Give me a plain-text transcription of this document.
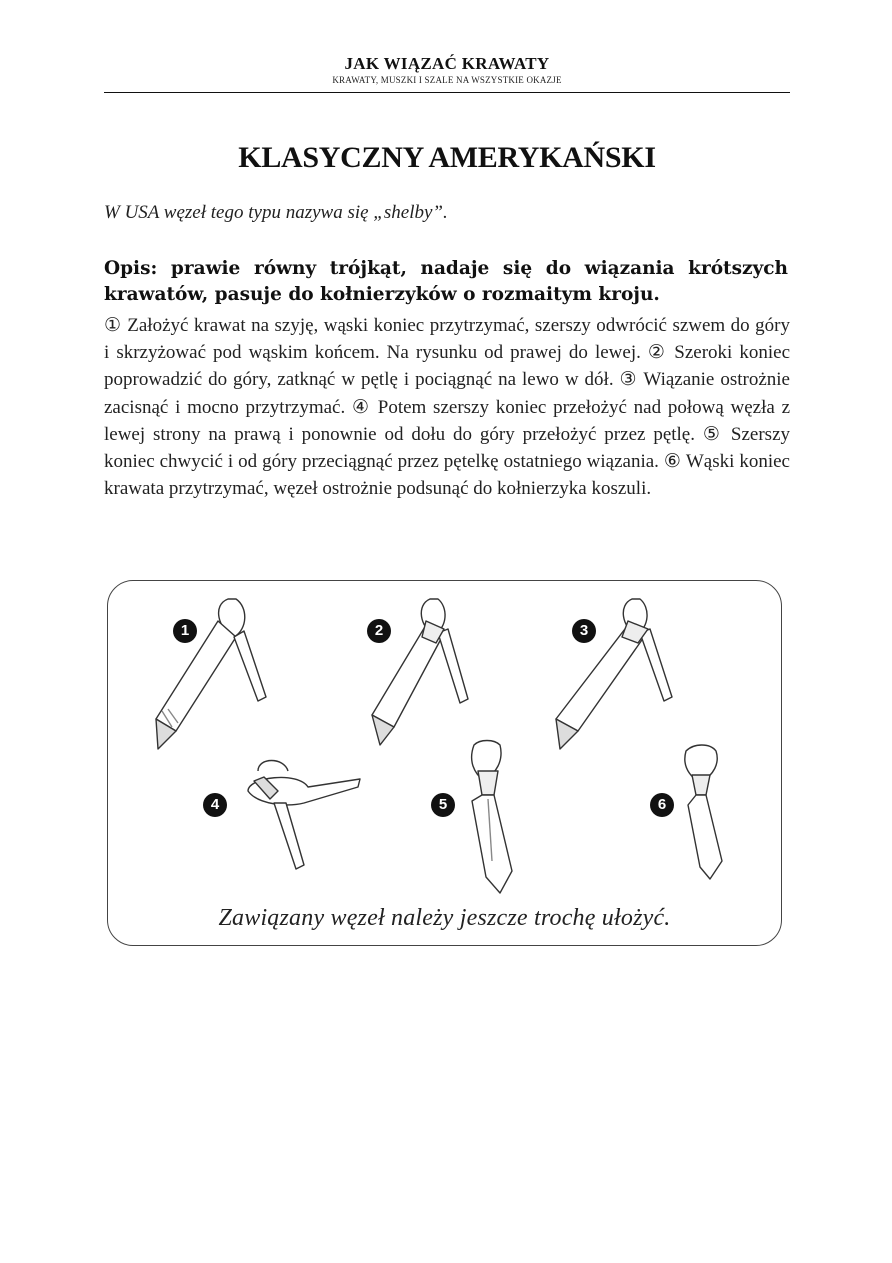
JAK WIĄZAĆ KRAWATY
KRAWATY, MUSZKI I SZALE NA WSZYSTKIE OKAZJE
KLASYCZNY AMERYKAŃSKI
W USA węzeł tego typu nazywa się „shelby”.
Opis: prawie równy trójkąt, nadaje się do wiązania krótszych krawatów, pasuje do kołnierzyków o rozmaitym kroju.
① Założyć krawat na szyję, wąski koniec przytrzymać, szerszy odwrócić szwem do góry i skrzyżować pod wąskim końcem. Na rysunku od prawej do lewej. ② Szeroki koniec poprowadzić do góry, zatknąć w pętlę i pociągnąć na lewo w dół. ③ Wiązanie ostrożnie zacisnąć i mocno przytrzymać. ④ Potem szerszy koniec przełożyć nad połową węzła z lewej strony na prawą i ponownie od dołu do góry przełożyć przez pętlę. ⑤ Szerszy koniec chwycić i od góry przeciągnąć przez pętelkę ostatniego wiązania. ⑥ Wąski koniec krawata przytrzymać, węzeł ostrożnie podsunąć do kołnierzyka koszuli.
1	2	3
4	5	6
Zawiązany węzeł należy jeszcze trochę ułożyć.
